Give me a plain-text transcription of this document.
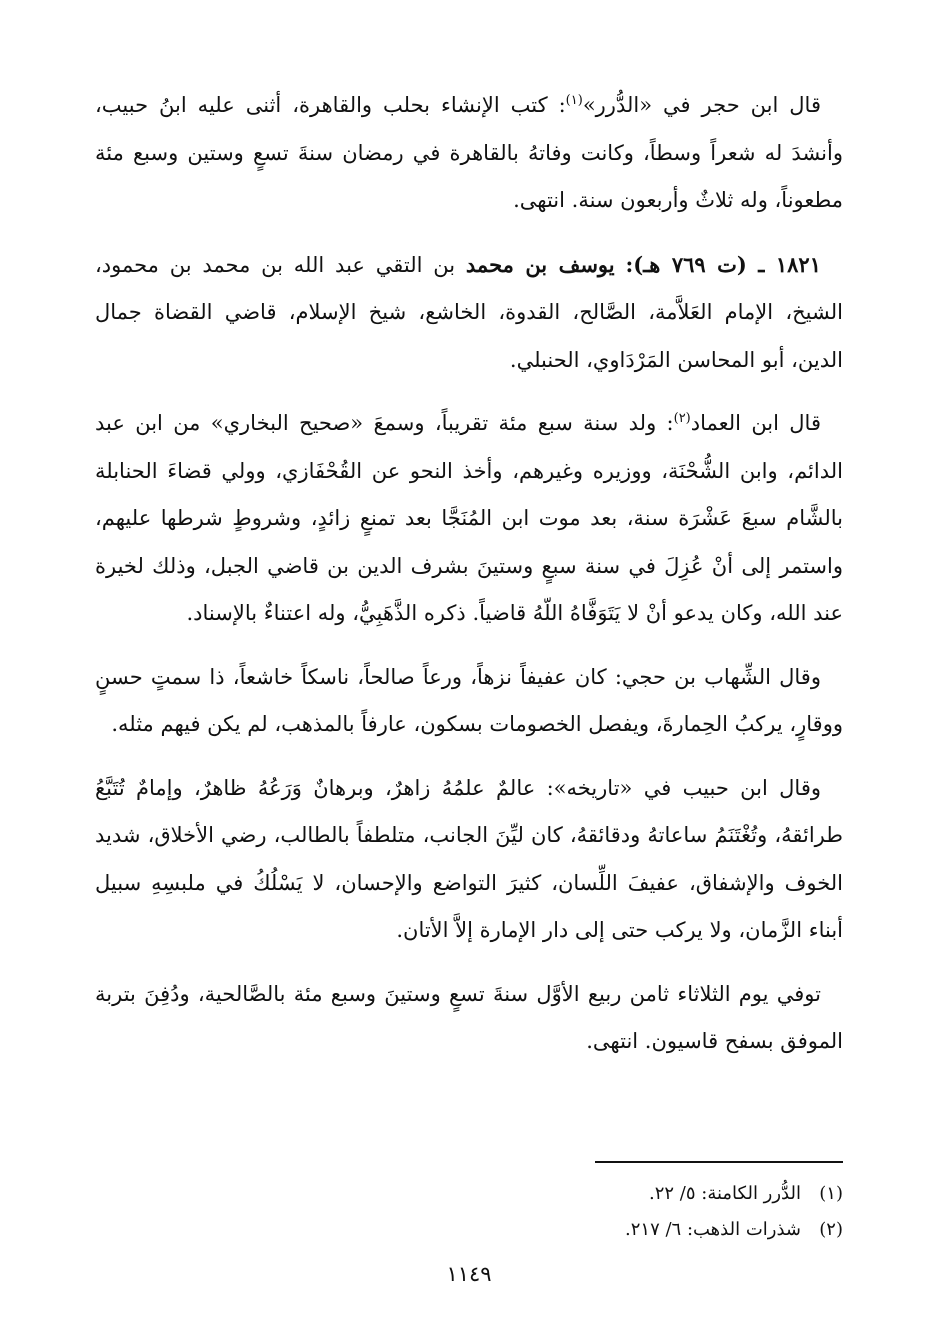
قال ابن حجر في «الدُّرر»$^{(١)}$: كتب الإنشاء بحلب والقاهرة، أثنى عليه ابنُ حبيب، وأنشدَ له شعراً وسطاً، وكانت وفاتهُ بالقاهرة في رمضان سنةَ تسعٍ وستين وسبع مئة مطعوناً، وله ثلاثٌ وأربعون سنة. انتهى.

١٨٢١ ـ (ت ٧٦٩ هـ): يوسف بن محمد بن التقي عبد الله بن محمد بن محمود، الشيخ، الإمام العَلاَّمة، الصَّالح، القدوة، الخاشع، شيخ الإسلام، قاضي القضاة جمال الدين، أبو المحاسن المَرْدَاوي، الحنبلي.

قال ابن العماد$^{(٢)}$: ولد سنة سبع مئة تقريباً، وسمعَ «صحيح البخاري» من ابن عبد الدائم، وابن الشُّحْنَة، ووزيره وغيرهم، وأخذ النحو عن القُحْفَازي، وولي قضاءَ الحنابلة بالشَّام سبعَ عَشْرَة سنة، بعد موت ابن المُنَجَّا بعد تمنعٍ زائدٍ، وشروطٍ شرطها عليهم، واستمر إلى أنْ عُزِلَ في سنة سبعٍ وستينَ بشرف الدين بن قاضي الجبل، وذلك لخيرة عند الله، وكان يدعو أنْ لا يَتَوَفَّاهُ اللّهُ قاضياً. ذكره الذَّهَبِيُّ، وله اعتناءٌ بالإسناد.

وقال الشِّهاب بن حجي: كان عفيفاً نزهاً، ورعاً صالحاً، ناسكاً خاشعاً، ذا سمتٍ حسنٍ ووقارٍ، يركبُ الحِمارةَ، ويفصل الخصومات بسكون، عارفاً بالمذهب، لم يكن فيهم مثله.

وقال ابن حبيب في «تاريخه»: عالمٌ علمُهُ زاهرٌ، وبرهانٌ وَرَعُهُ ظاهرٌ، وإمامٌ تُتَبَّعُ طرائقهُ، وتُغْتَنَمُ ساعاتهُ ودقائقهُ، كان ليِّنَ الجانب، متلطفاً بالطالب، رضي الأخلاق، شديد الخوف والإشفاق، عفيفَ اللِّسان، كثيرَ التواضع والإحسان، لا يَسْلُكُ في ملبسِهِ سبيل أبناء الزَّمان، ولا يركب حتى إلى دار الإمارة إلاَّ الأتان.

توفي يوم الثلاثاء ثامن ربيع الأوَّل سنةَ تسعٍ وستينَ وسبع مئة بالصَّالحية، ودُفِنَ بتربة الموفق بسفح قاسيون. انتهى.

(١)الدُّرر الكامنة: ٥/ ٢٢.
(٢)شذرات الذهب: ٦/ ٢١٧.
١١٤٩
